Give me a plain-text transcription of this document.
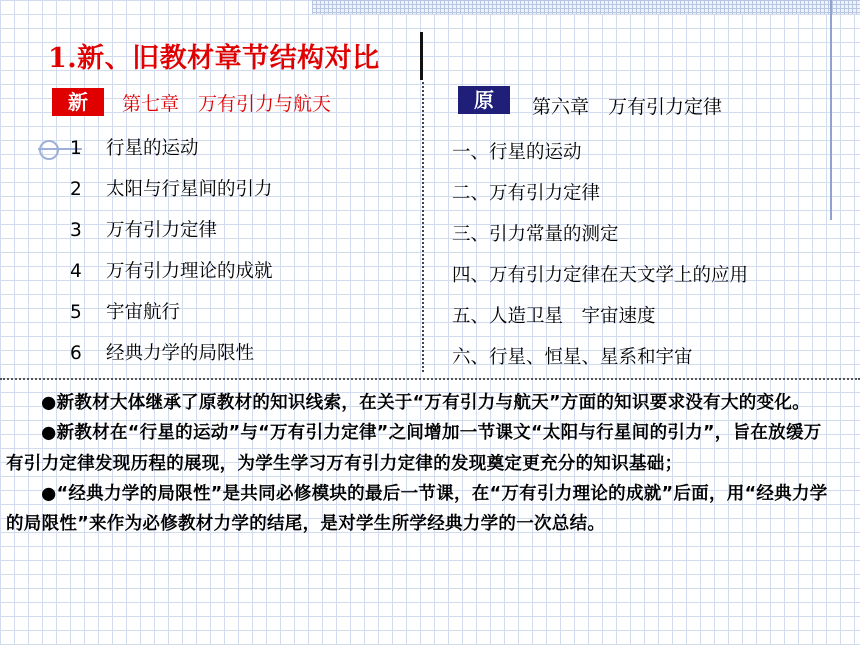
1.新、旧教材章节结构对比
新	第七章　万有引力与航天	原	第六章　万有引力定律
1 行星的运动
2 太阳与行星间的引力
3 万有引力定律
4 万有引力理论的成就
5 宇宙航行
6 经典力学的局限性
一、行星的运动
二、万有引力定律
三、引力常量的测定
四、万有引力定律在天文学上的应用
五、人造卫星　宇宙速度
六、行星、恒星、星系和宇宙

●新教材大体继承了原教材的知识线索，在关于“万有引力与航天”方面的知识要求没有大的变化。

●新教材在“行星的运动”与“万有引力定律”之间增加一节课文“太阳与行星间的引力”，旨在放缓万有引力定律发现历程的展现，为学生学习万有引力定律的发现奠定更充分的知识基础；

●“经典力学的局限性”是共同必修模块的最后一节课，在“万有引力理论的成就”后面，用“经典力学的局限性”来作为必修教材力学的结尾，是对学生所学经典力学的一次总结。
